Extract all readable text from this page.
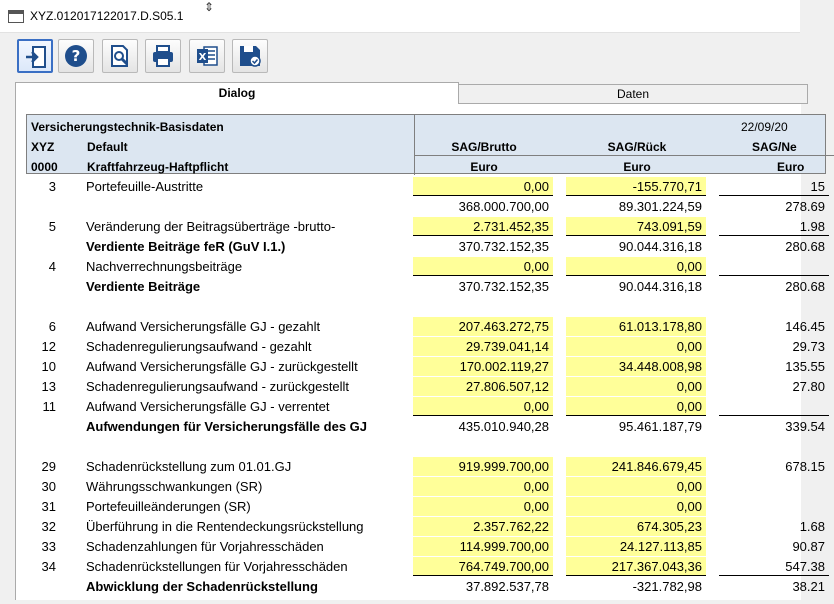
XYZ.012017122017.D.S05.1
⇕
?	X
Dialog	Daten
Versicherungstechnik-Basisdaten
XYZ	Default
0000 Kraftfahrzeug-Haftpflicht
22/09/20
SAG/Brutto	SAG/Rück	SAG/Ne
Euro	Euro	Euro
3 Portefeuille-Austritte	0,00	-155.770,71	15
368.000.700,00	89.301.224,59	278.69
5 Veränderung der Beitragsüberträge -brutto-	2.731.452,35	743.091,59	1.98
Verdiente Beiträge feR (GuV I.1.)	370.732.152,35	90.044.316,18	280.68
4 Nachverrechnungsbeiträge	0,00	0,00
Verdiente Beiträge	370.732.152,35	90.044.316,18	280.68
6 Aufwand Versicherungsfälle GJ - gezahlt	207.463.272,75	61.013.178,80	146.45
12 Schadenregulierungsaufwand - gezahlt	29.739.041,14	0,00	29.73
10 Aufwand Versicherungsfälle GJ - zurückgestellt	170.002.119,27	34.448.008,98	135.55
13 Schadenregulierungsaufwand - zurückgestellt	27.806.507,12	0,00	27.80
11 Aufwand Versicherungsfälle GJ - verrentet	0,00	0,00
Aufwendungen für Versicherungsfälle des GJ	435.010.940,28	95.461.187,79	339.54
29 Schadenrückstellung zum 01.01.GJ	919.999.700,00	241.846.679,45	678.15
30 Währungsschwankungen (SR)	0,00	0,00
31 Portefeuilleänderungen (SR)	0,00	0,00
32 Überführung in die Rentendeckungsrückstellung	2.357.762,22	674.305,23	1.68
33 Schadenzahlungen für Vorjahresschäden	114.999.700,00	24.127.113,85	90.87
34 Schadenrückstellungen für Vorjahresschäden	764.749.700,00	217.367.043,36	547.38
Abwicklung der Schadenrückstellung	37.892.537,78	-321.782,98	38.21
